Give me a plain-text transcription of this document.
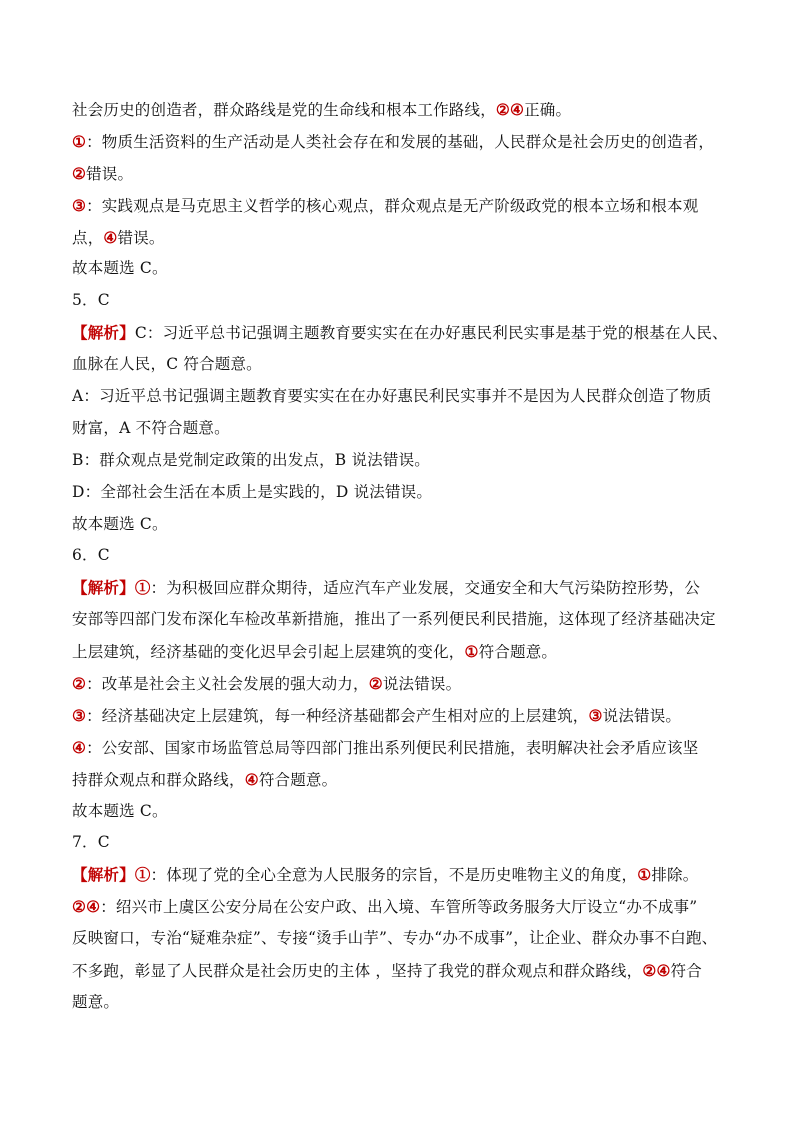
社会历史的创造者，群众路线是党的生命线和根本工作路线，②④正确。
①：物质生活资料的生产活动是人类社会存在和发展的基础，人民群众是社会历史的创造者，
②错误。
③：实践观点是马克思主义哲学的核心观点，群众观点是无产阶级政党的根本立场和根本观
点，④错误。
故本题选 C。
5．C
【解析】C：习近平总书记强调主题教育要实实在在办好惠民利民实事是基于党的根基在人民、
血脉在人民，C 符合题意。
A：习近平总书记强调主题教育要实实在在办好惠民利民实事并不是因为人民群众创造了物质
财富，A 不符合题意。
B：群众观点是党制定政策的出发点，B 说法错误。
D：全部社会生活在本质上是实践的，D 说法错误。
故本题选 C。
6．C
【解析】①：为积极回应群众期待，适应汽车产业发展，交通安全和大气污染防控形势，公
安部等四部门发布深化车检改革新措施，推出了一系列便民利民措施，这体现了经济基础决定
上层建筑，经济基础的变化迟早会引起上层建筑的变化，①符合题意。
②：改革是社会主义社会发展的强大动力，②说法错误。
③：经济基础决定上层建筑，每一种经济基础都会产生相对应的上层建筑，③说法错误。
④：公安部、国家市场监管总局等四部门推出系列便民利民措施，表明解决社会矛盾应该坚
持群众观点和群众路线，④符合题意。
故本题选 C。
7．C
【解析】①：体现了党的全心全意为人民服务的宗旨，不是历史唯物主义的角度，①排除。
②④：绍兴市上虞区公安分局在公安户政、出入境、车管所等政务服务大厅设立“办不成事”
反映窗口，专治“疑难杂症”、专接“烫手山芋”、专办“办不成事”，让企业、群众办事不白跑、
不多跑，彰显了人民群众是社会历史的主体 ，坚持了我党的群众观点和群众路线，②④符合
题意。
